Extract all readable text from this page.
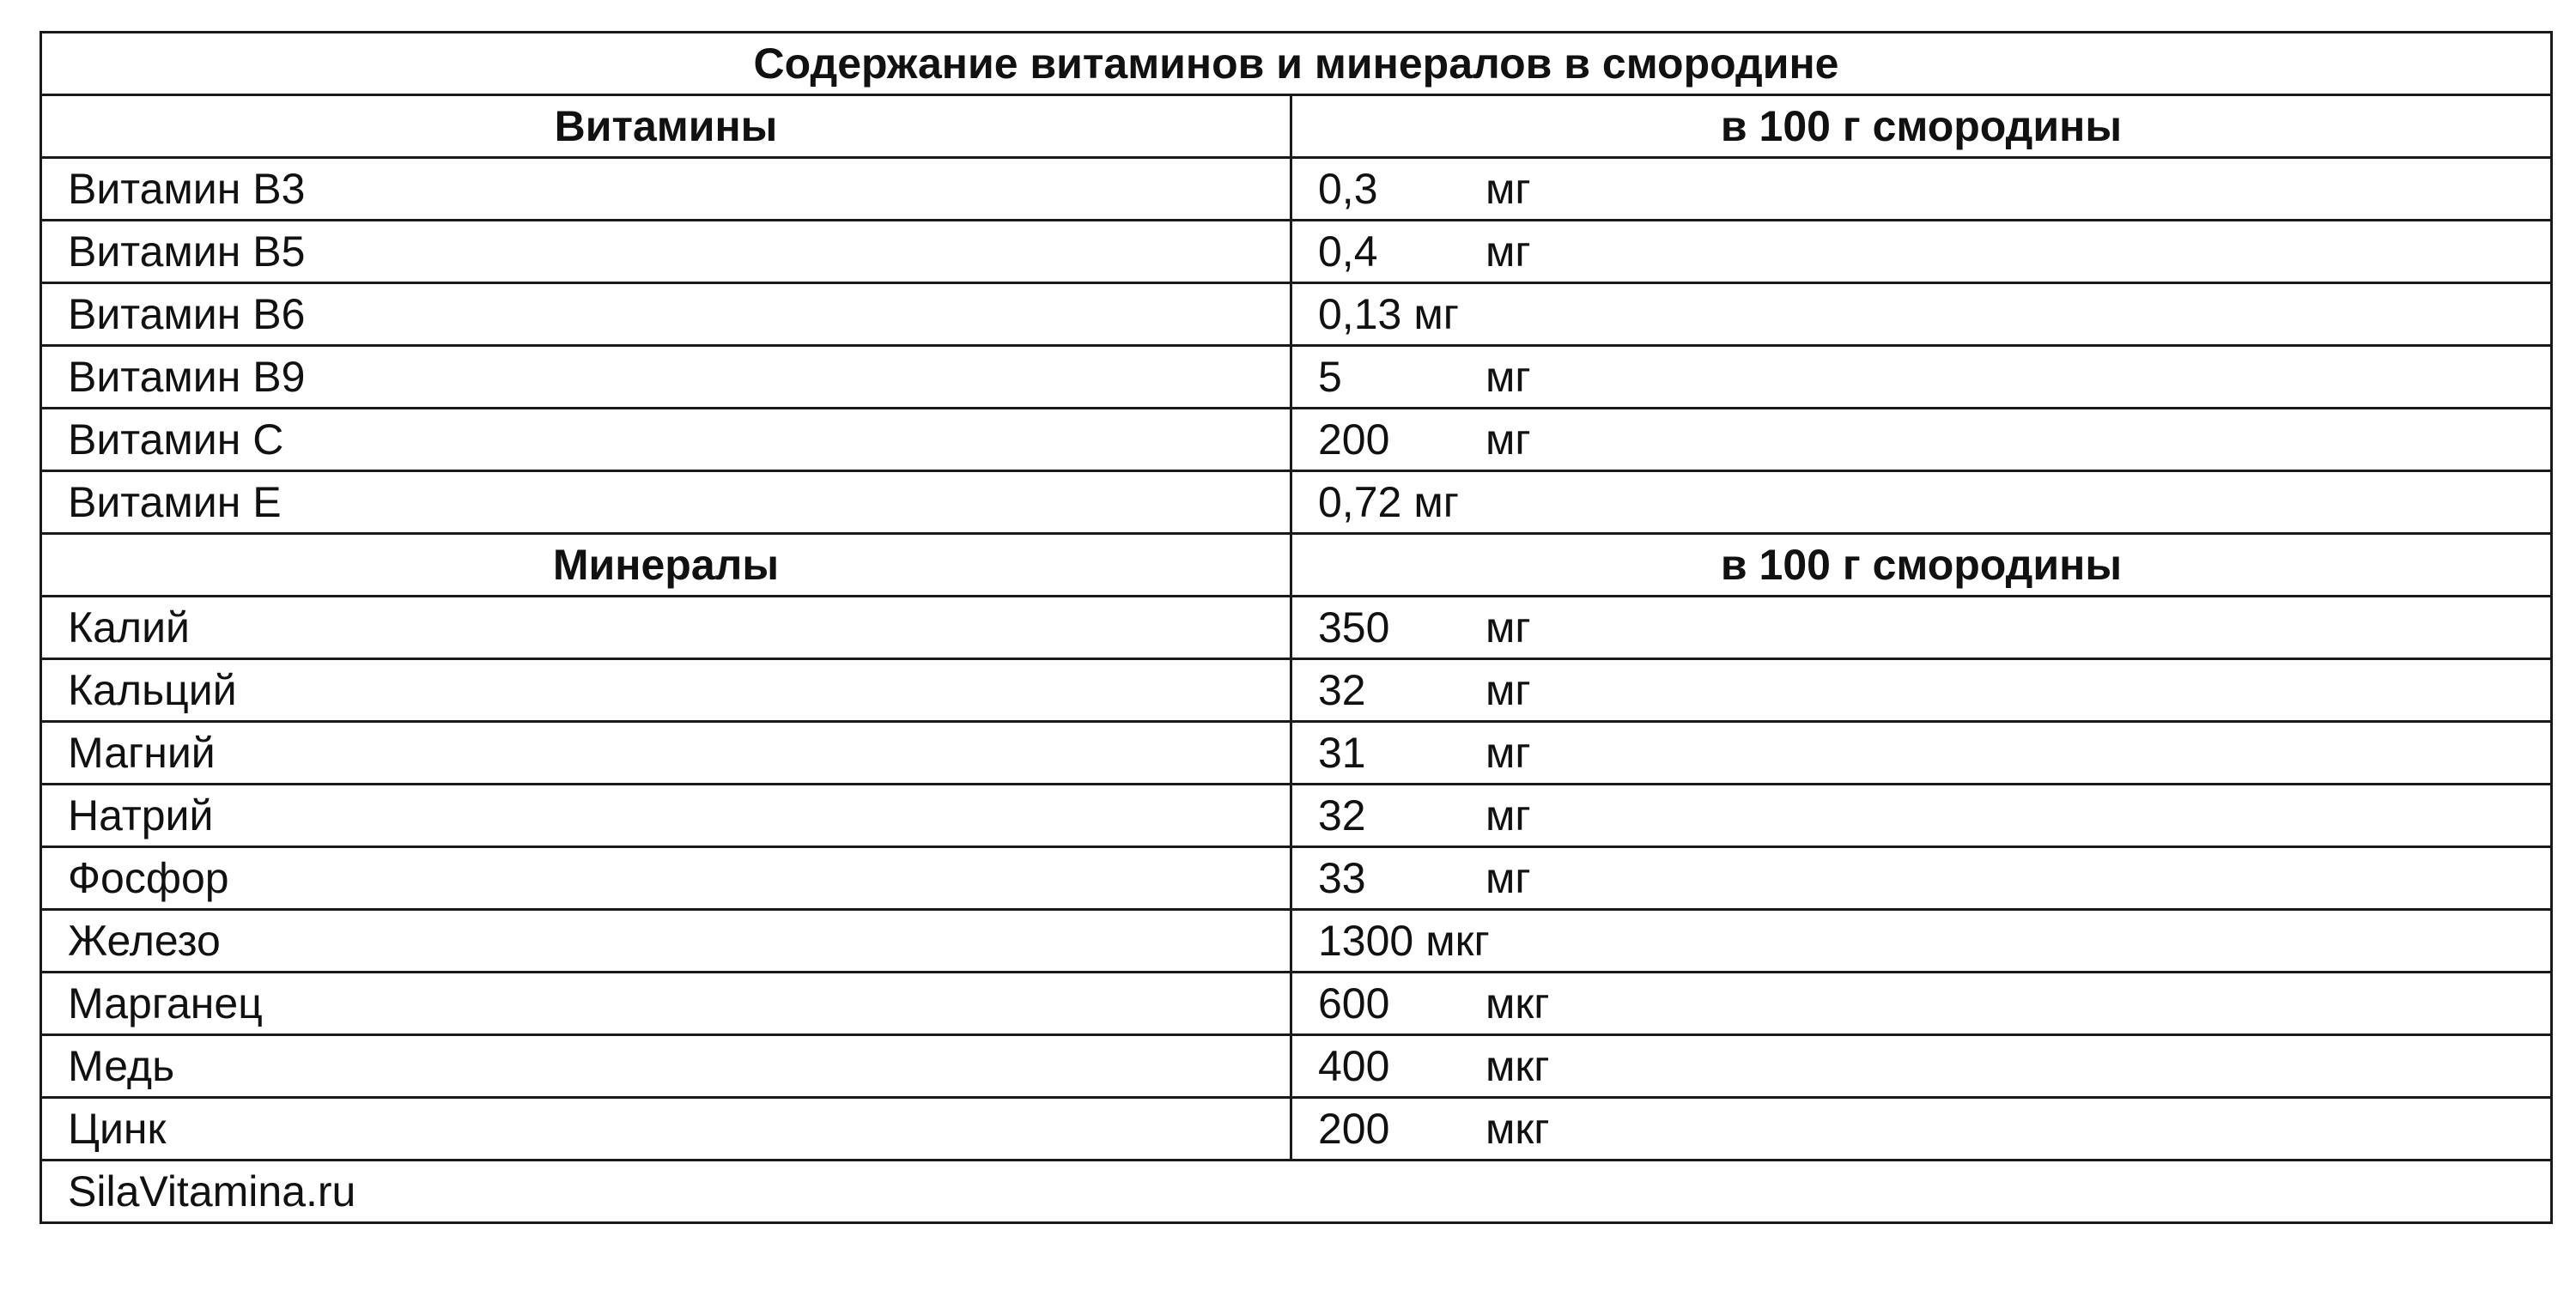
Содержание витаминов и минералов в смородине	
Витамины	в 100 г смородины
Витамин В3	0,3 мг
Витамин В5	0,4 мг
Витамин В6	0,13 мг
Витамин В9	5 мг
Витамин С	200 мг
Витамин Е	0,72 мг
Минералы	в 100 г смородины
Калий	350 мг
Кальций	32 мг
Магний	31 мг
Натрий	32 мг
Фосфор	33 мг
Железо	1300 мкг
Марганец	600 мкг
Медь	400 мкг
Цинк	200 мкг
SilaVitamina.ru	
